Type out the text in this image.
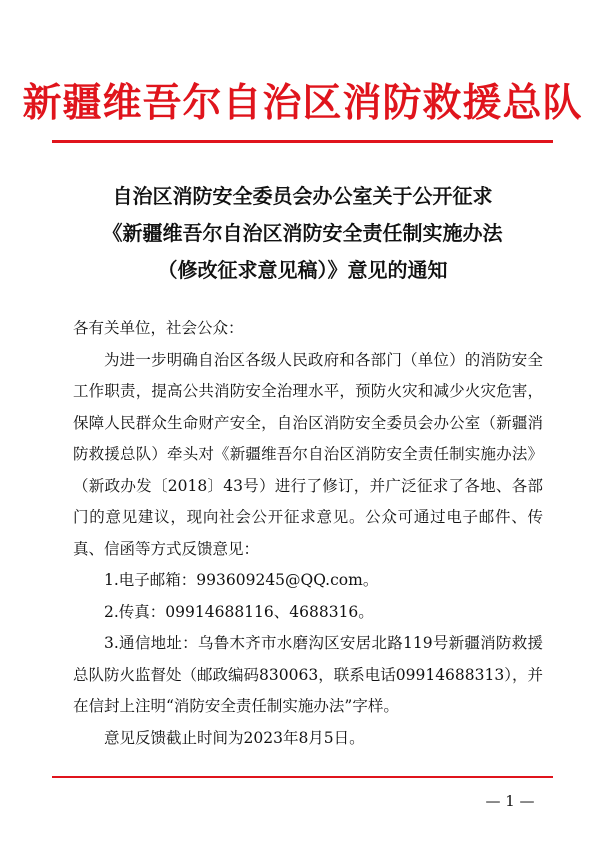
新疆维吾尔自治区消防救援总队
自治区消防安全委员会办公室关于公开征求
《新疆维吾尔自治区消防安全责任制实施办法
（修改征求意见稿）》意见的通知

各有关单位，社会公众：

为进一步明确自治区各级人民政府和各部门（单位）的消防安全工作职责，提高公共消防安全治理水平，预防火灾和减少火灾危害，保障人民群众生命财产安全，自治区消防安全委员会办公室（新疆消防救援总队）牵头对《新疆维吾尔自治区消防安全责任制实施办法》（新政办发〔2018〕43号）进行了修订，并广泛征求了各地、各部门的意见建议，现向社会公开征求意见。公众可通过电子邮件、传真、信函等方式反馈意见：

1.电子邮箱：993609245@QQ.com。

2.传真：09914688116、4688316。

3.通信地址：乌鲁木齐市水磨沟区安居北路119号新疆消防救援总队防火监督处（邮政编码830063，联系电话09914688313），并在信封上注明“消防安全责任制实施办法”字样。

意见反馈截止时间为2023年8月5日。

— 1 —
